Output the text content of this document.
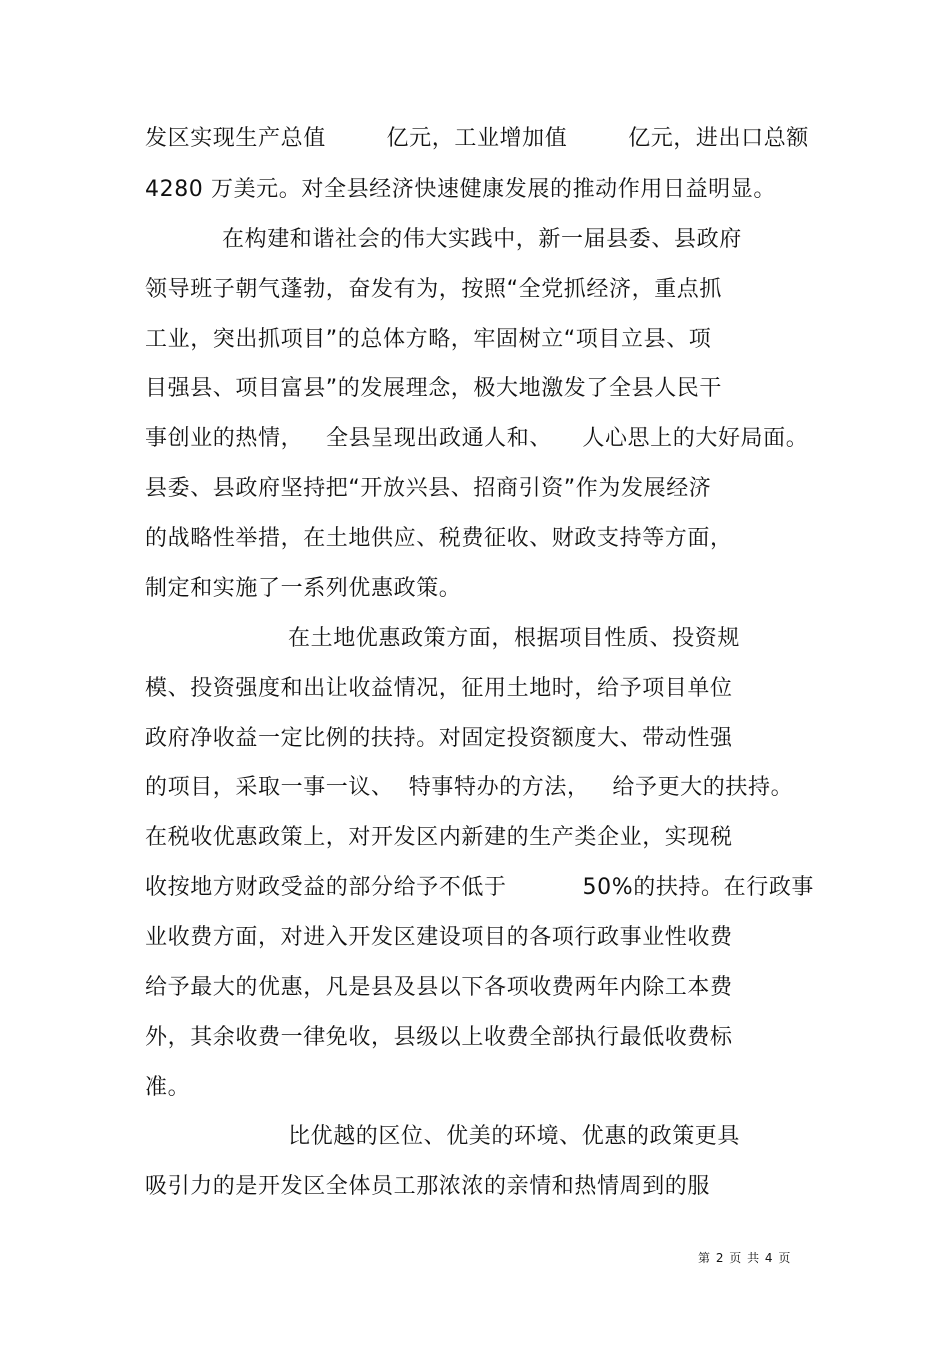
发区实现生产总值        亿元，工业增加值        亿元，进出口总额
4280 万美元。对全县经济快速健康发展的推动作用日益明显。
在构建和谐社会的伟大实践中，新一届县委、县政府
领导班子朝气蓬勃，奋发有为，按照“全党抓经济，重点抓
工业，突出抓项目”的总体方略，牢固树立“项目立县、项
目强县、项目富县”的发展理念，极大地激发了全县人民干
事创业的热情，   全县呈现出政通人和、    人心思上的大好局面。
县委、县政府坚持把“开放兴县、招商引资”作为发展经济
的战略性举措，在土地供应、税费征收、财政支持等方面，
制定和实施了一系列优惠政策。
在土地优惠政策方面，根据项目性质、投资规
模、投资强度和出让收益情况，征用土地时，给予项目单位
政府净收益一定比例的扶持。对固定投资额度大、带动性强
的项目，采取一事一议、  特事特办的方法，   给予更大的扶持。
在税收优惠政策上，对开发区内新建的生产类企业，实现税
收按地方财政受益的部分给予不低于          50%的扶持。在行政事
业收费方面，对进入开发区建设项目的各项行政事业性收费
给予最大的优惠，凡是县及县以下各项收费两年内除工本费
外，其余收费一律免收，县级以上收费全部执行最低收费标
准。
比优越的区位、优美的环境、优惠的政策更具
吸引力的是开发区全体员工那浓浓的亲情和热情周到的服
第 2 页 共 4 页
